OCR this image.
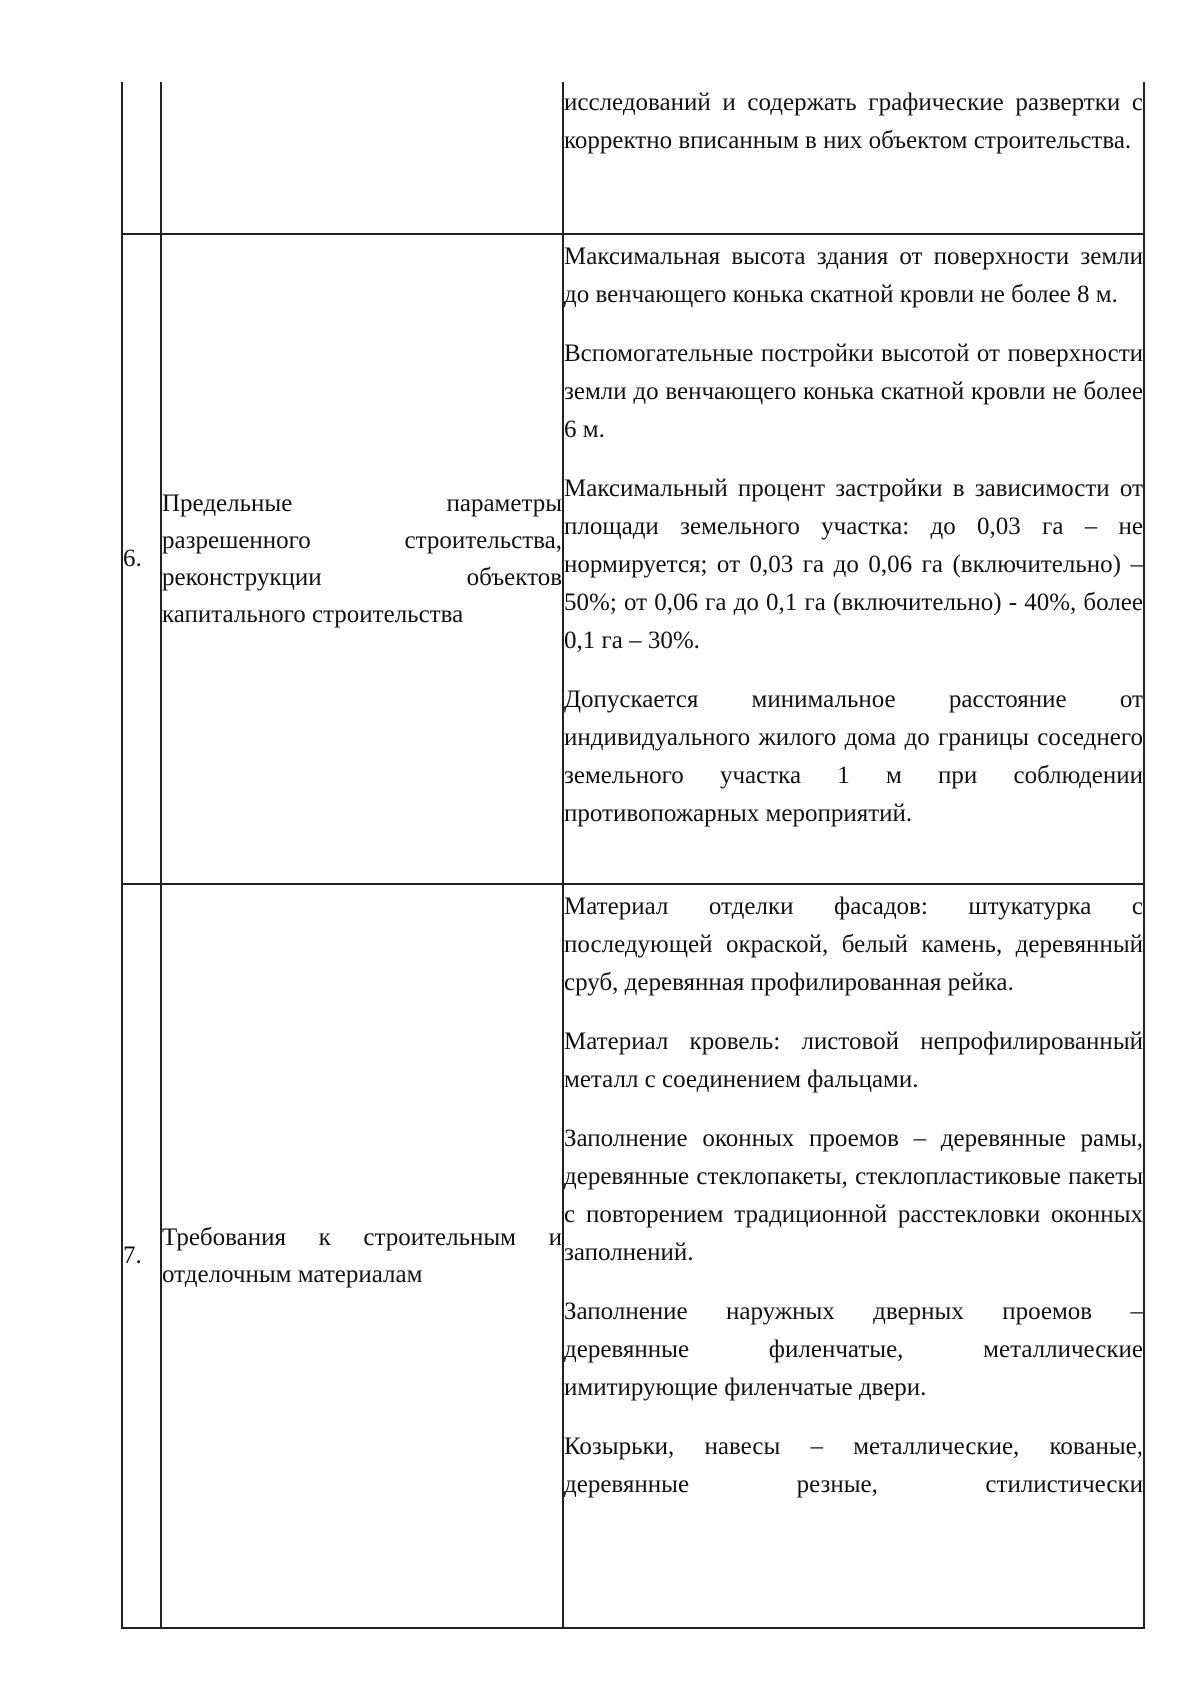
		исследований и содержать графические развертки с корректно вписанным в них объектом строительства.

6.	Предельные параметры разрешенного строительства, реконструкции объектов капитального строительства	Максимальная высота здания от поверхности земли до венчающего конька скатной кровли не более 8 м.

Вспомогательные постройки высотой от поверхности земли до венчающего конька скатной кровли не более 6 м.

Максимальный процент застройки в зависимости от площади земельного участка: до 0,03 га – не нормируется; от 0,03 га до 0,06 га (включительно) – 50%; от 0,06 га до 0,1 га (включительно) - 40%, более 0,1 га – 30%.

Допускается минимальное расстояние от индивидуального жилого дома до границы соседнего земельного участка 1 м при соблюдении противопожарных мероприятий.

7.	Требования к строительным и отделочным материалам	Материал отделки фасадов: штукатурка с последующей окраской, белый камень, деревянный сруб, деревянная профилированная рейка.

Материал кровель: листовой непрофилированный металл с соединением фальцами.

Заполнение оконных проемов – деревянные рамы, деревянные стеклопакеты, стеклопластиковые пакеты с повторением традиционной расстекловки оконных заполнений.

Заполнение наружных дверных проемов – деревянные филенчатые, металлические имитирующие филенчатые двери.

Козырьки, навесы – металлические, кованые, деревянные резные, стилистически
